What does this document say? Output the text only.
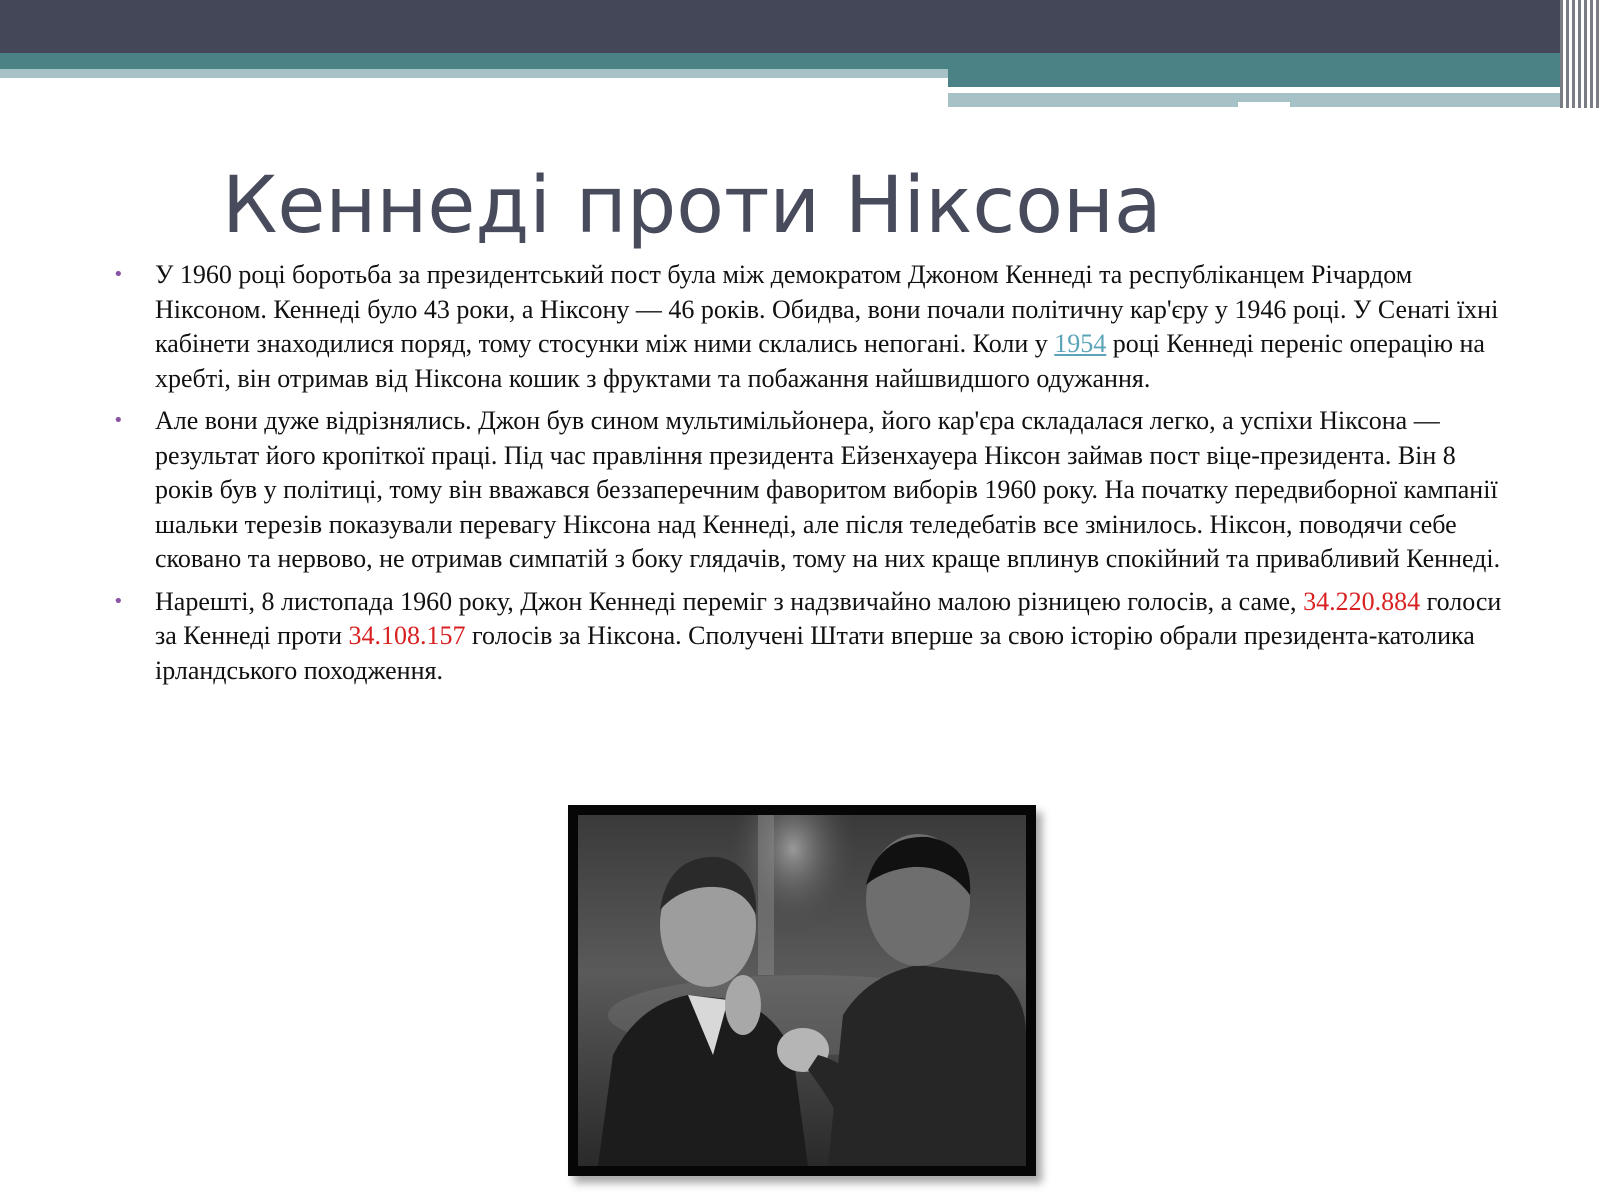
Кеннеді проти Ніксона
• У 1960 році боротьба за президентський пост була між демократом Джоном Кеннеді та республіканцем Річардом Ніксоном. Кеннеді було 43 роки, а Ніксону — 46 років. Обидва, вони почали політичну кар'єру у 1946 році. У Сенаті їхні кабінети знаходилися поряд, тому стосунки між ними склались непогані. Коли у 1954 році Кеннеді переніс операцію на хребті, він отримав від Ніксона кошик з фруктами та побажання найшвидшого одужання.
• Але вони дуже відрізнялись. Джон був сином мультимільйонера, його кар'єра складалася легко, а успіхи Ніксона — результат його кропіткої праці. Під час правління президента Ейзенхауера Ніксон займав пост віце-президента. Він 8 років був у політиці, тому він вважався беззаперечним фаворитом виборів 1960 року. На початку передвиборної кампанії шальки терезів показували перевагу Ніксона над Кеннеді, але після теледебатів все змінилось. Ніксон, поводячи себе сковано та нервово, не отримав симпатій з боку глядачів, тому на них краще вплинув спокійний та привабливий Кеннеді.
• Нарешті, 8 листопада 1960 року, Джон Кеннеді переміг з надзвичайно малою різницею голосів, а саме, 34.220.884 голоси за Кеннеді проти 34.108.157 голосів за Ніксона. Сполучені Штати вперше за свою історію обрали президента-католика ірландського походження.
